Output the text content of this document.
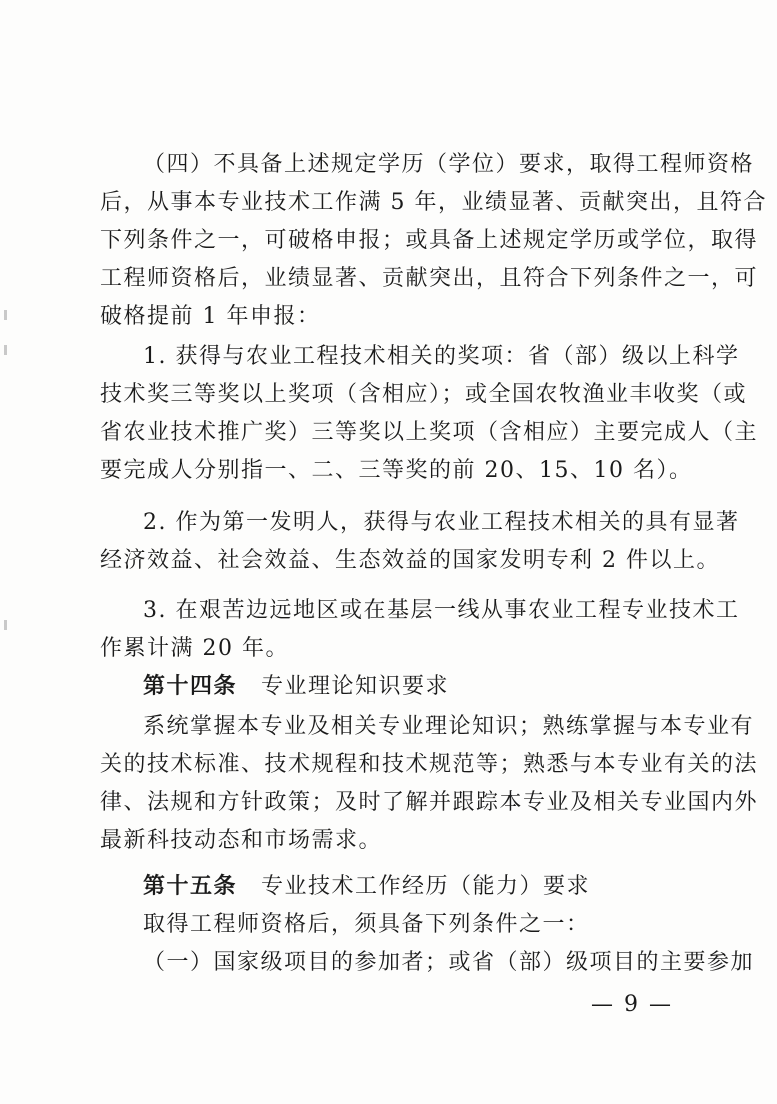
（四）不具备上述规定学历（学位）要求，取得工程师资格
后，从事本专业技术工作满 5 年，业绩显著、贡献突出，且符合
下列条件之一，可破格申报；或具备上述规定学历或学位，取得
工程师资格后，业绩显著、贡献突出，且符合下列条件之一，可
破格提前 1 年申报：
1. 获得与农业工程技术相关的奖项：省（部）级以上科学
技术奖三等奖以上奖项（含相应）；或全国农牧渔业丰收奖（或
省农业技术推广奖）三等奖以上奖项（含相应）主要完成人（主
要完成人分别指一、二、三等奖的前 20、15、10 名）。
2. 作为第一发明人，获得与农业工程技术相关的具有显著
经济效益、社会效益、生态效益的国家发明专利 2 件以上。
3. 在艰苦边远地区或在基层一线从事农业工程专业技术工
作累计满 20 年。
第十四条 专业理论知识要求
系统掌握本专业及相关专业理论知识；熟练掌握与本专业有
关的技术标准、技术规程和技术规范等；熟悉与本专业有关的法
律、法规和方针政策；及时了解并跟踪本专业及相关专业国内外
最新科技动态和市场需求。
第十五条 专业技术工作经历（能力）要求
取得工程师资格后，须具备下列条件之一：
（一）国家级项目的参加者；或省（部）级项目的主要参加
— 9 —
